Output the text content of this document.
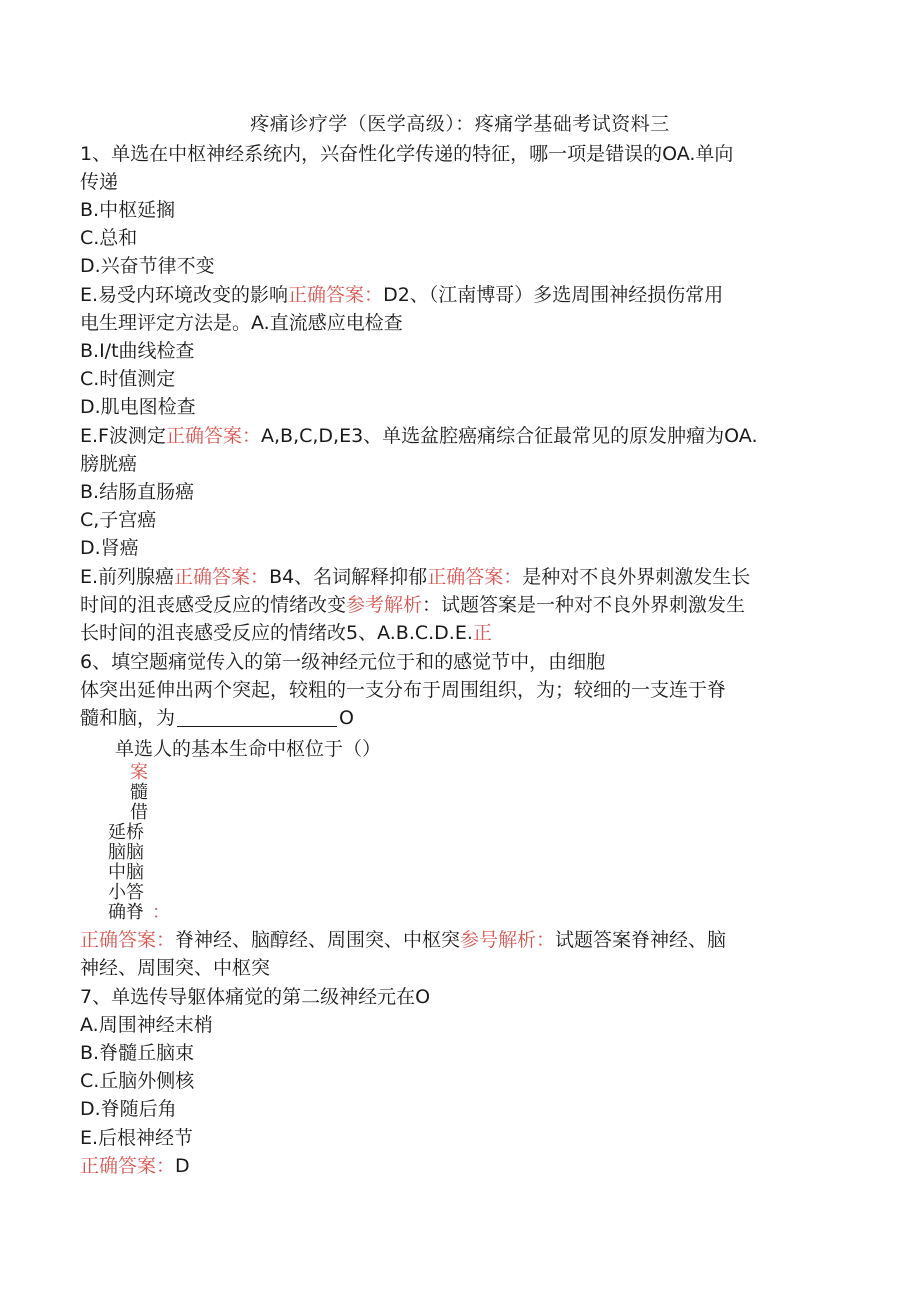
疼痛诊疗学（医学高级）：疼痛学基础考试资料三
1、单选在中枢神经系统内，兴奋性化学传递的特征，哪一项是错误的OA.单向
传递
B.中枢延搁
C.总和
D.兴奋节律不变
E.易受内环境改变的影响正确答案：D2、（江南博哥）多选周围神经损伤常用
电生理评定方法是。A.直流感应电检查
B.I/t曲线检查
C.时值测定
D.肌电图检查
E.F波测定正确答案：A,B,C,D,E3、单选盆腔癌痛综合征最常见的原发肿瘤为OA.
膀胱癌
B.结肠直肠癌
C,子宫癌
D.肾癌
E.前列腺癌正确答案：B4、名词解释抑郁正确答案：是种对不良外界刺激发生长
时间的沮丧感受反应的情绪改变参考解析：试题答案是一种对不良外界刺激发生
长时间的沮丧感受反应的情绪改5、A.B.C.D.E.正
6、填空题痛觉传入的第一级神经元位于和的感觉节中，由细胞
体突出延伸出两个突起，较粗的一支分布于周围组织，为；较细的一支连于脊
髓和脑，为	O
单选人的基本生命中枢位于（）
案
髓
借
延桥
脑脑
中脑
小答
确脊 ：
正确答案：脊神经、脑醇经、周围突、中枢突参号解析：试题答案脊神经、脑
神经、周围突、中枢突
7、单选传导躯体痛觉的第二级神经元在O
A.周围神经末梢
B.脊髓丘脑束
C.丘脑外侧核
D.脊随后角
E.后根神经节
正确答案：D
